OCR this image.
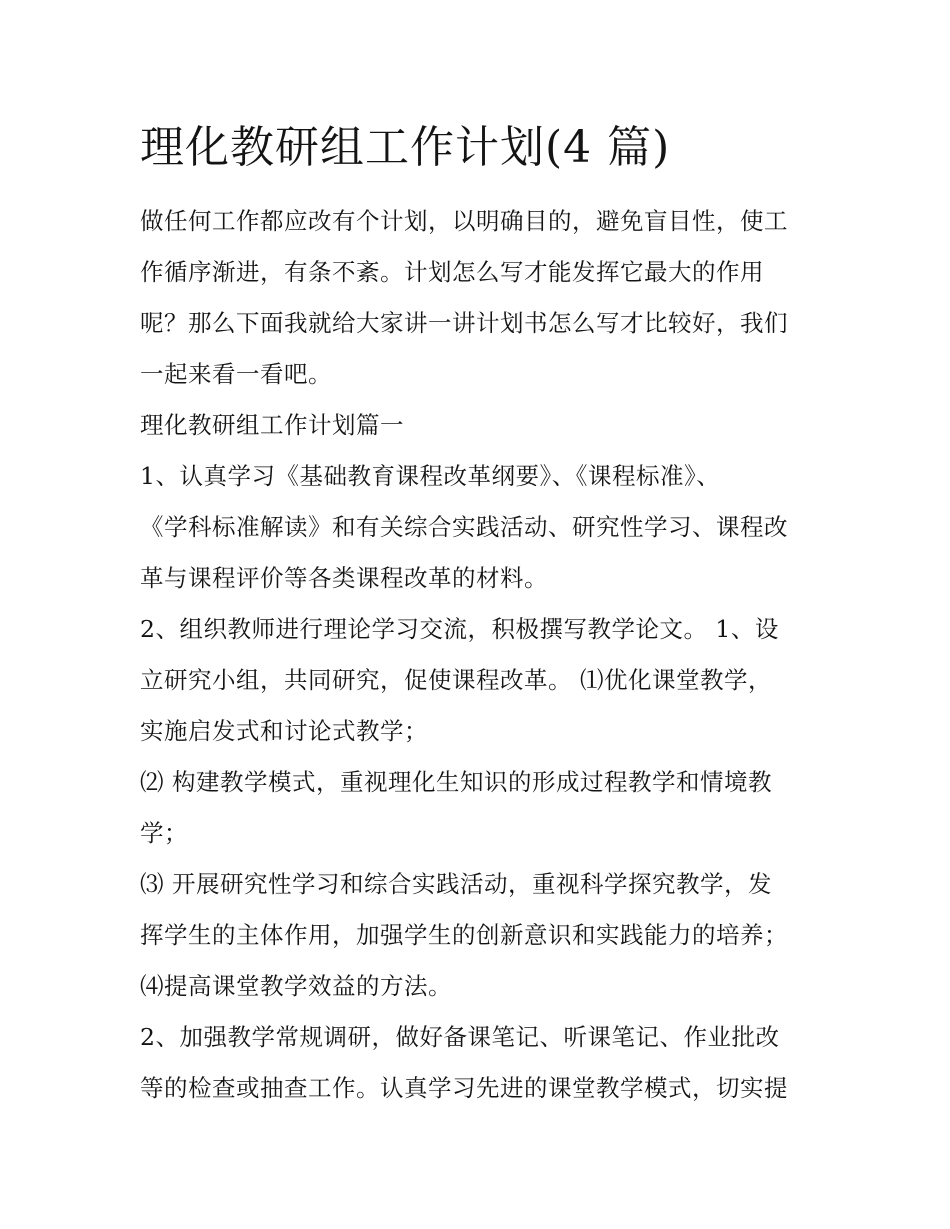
理化教研组工作计划(4 篇)
做任何工作都应改有个计划，以明确目的，避免盲目性，使工
作循序渐进，有条不紊。计划怎么写才能发挥它最大的作用
呢？那么下面我就给大家讲一讲计划书怎么写才比较好，我们
一起来看一看吧。
理化教研组工作计划篇一
1、认真学习《基础教育课程改革纲要》、《课程标准》、
《学科标准解读》和有关综合实践活动、研究性学习、课程改
革与课程评价等各类课程改革的材料。
2、组织教师进行理论学习交流，积极撰写教学论文。 1、设
立研究小组，共同研究，促使课程改革。 ⑴优化课堂教学，
实施启发式和讨论式教学；
⑵ 构建教学模式，重视理化生知识的形成过程教学和情境教
学；
⑶ 开展研究性学习和综合实践活动，重视科学探究教学，发
挥学生的主体作用，加强学生的创新意识和实践能力的培养；
⑷提高课堂教学效益的方法。
2、加强教学常规调研，做好备课笔记、听课笔记、作业批改
等的检查或抽查工作。认真学习先进的课堂教学模式，切实提
